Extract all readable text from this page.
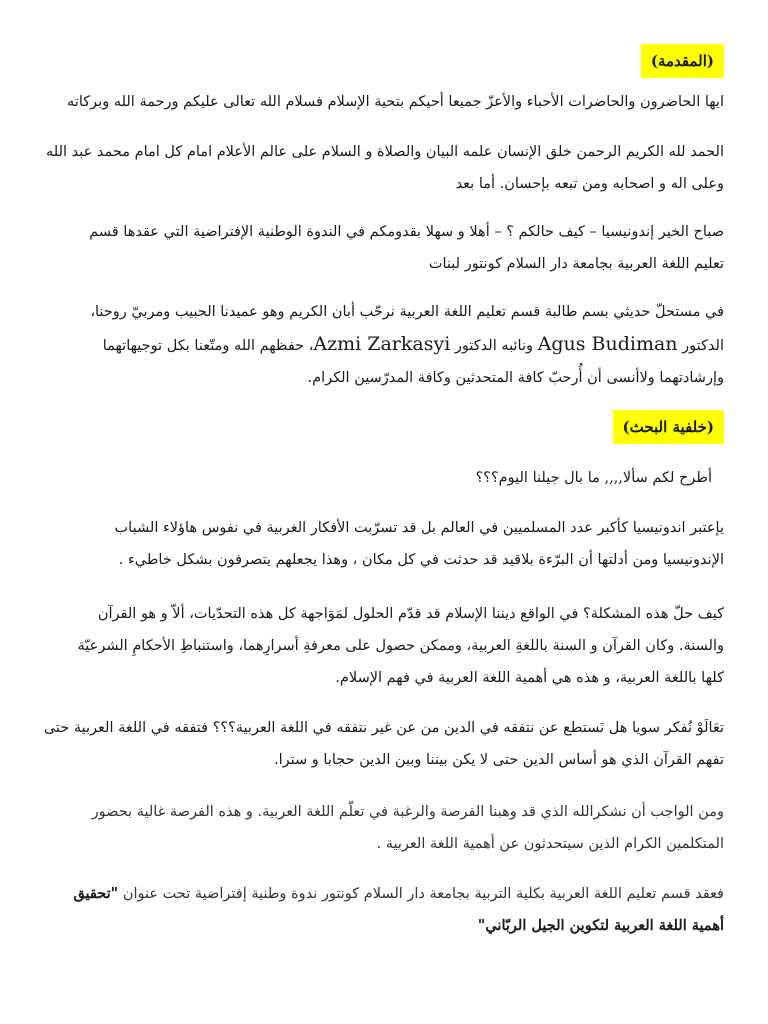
(المقدمة)
ايها الحاضرون والحاضرات الأحباء والأعزّ جميعا أحيكم بتحية الإسلام فسلام الله تعالى عليكم ورحمة الله وبركاته
الحمد لله الكريم الرحمن خلق الإنسان علمه البيان والصلاة و السلام على عالم الأعلام امام كل امام محمد عبد الله
وعلى اله و اصحابه ومن تبعه بإحسان. أما بعد
صباح الخير إندونيسيا – كيف حالكم ؟ – أهلا و سهلا بقدومكم في الندوة الوطنية الإفتراضية التي عقدها قسم
تعليم اللغة العربية بجامعة دار السلام كونتور لبنات
في مستحلّ حديثي بسم طالبة قسم تعليم اللغة العربية نرحّب أبان الكريم وهو عميدنا الحبيب ومربيّ روحنا،
الدكتور Agus Budiman ونائبه الدكتور Azmi Zarkasyi، حفظهم الله ومتّعنا بكل توجيهاتهما
وإرشادتهما ولاأنسى أن أُرحبّ كافة المتحدثين وكافة المدرّسين الكرام.
(خلفية البحث)
أطرح لكم سألا,,,, ما بال جيلنا اليوم؟؟؟
يإعتبر اندونيسيا كأكبر عدد المسلميين في العالم بل قد تسرّبت الأفكار الغربية في نفوس هاؤلاء الشباب
الإندونيسيا ومن أدلتها أن البرّءة بلاقيد قد حدثت في كل مكان ، وهذا يجعلهم يتصرفون بشكل خاطيء .
كيف حلّ هذه المشكلة؟ في الواقع ديننا الإسلام قد قدّم الحلول لمَوَاجهة كل هذه التحدّيات، ألاّ و هو القرآن
والسنة. وكان القرآن و السنة باللغةِ العربية، وممكن حصول على معرفةِ أسرارِهما، واستنباطِ الأحكامِ الشرعيّة
كلها باللغة العربية، و هذه هي أهمية اللغة العربية في فهم الإسلام.
تعَالَوْ نُفكر سويا هل نَستطع عن نتفقه في الدين من عن غير نتفقه في اللغة العربية؟؟؟ فتفقه في اللغة العربية حتى
تفهم القرآن الذي هو أساس الدين حتى لا يكن بيننا وبين الدين حجابا و سترا.
ومن الواجب أن نشكرالله الذي قد وهبنا الفرصة والرغبة في تعلّم اللغة العربية. و هذه الفرصة غالية بحضور
المتكلمين الكرام الذين سيتحدثون عن أهمية اللغة العربية .
فعقد قسم تعليم اللغة العربية بكلية التربية بجامعة دار السلام كونتور ندوة وطنية إفتراضية تحت عنوان "تحقيق
أهمية اللغة العربية لتكوين الجيل الربّاني"
